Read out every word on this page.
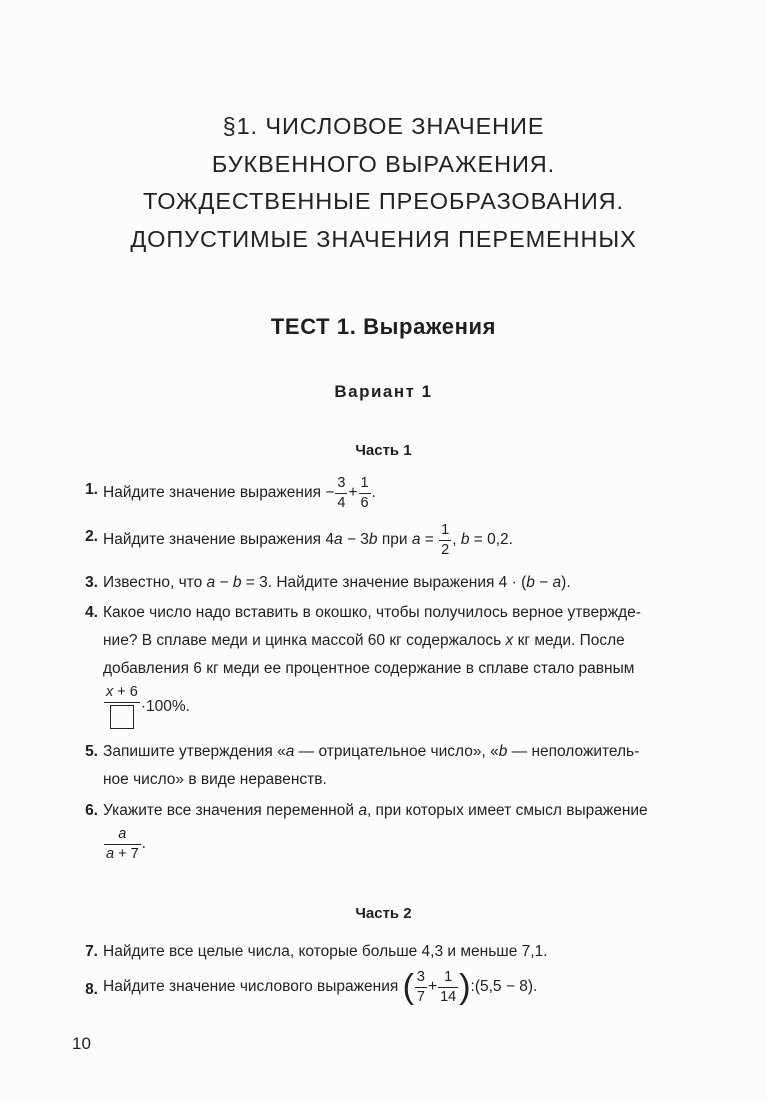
§1. ЧИСЛОВОЕ ЗНАЧЕНИЕ
БУКВЕННОГО ВЫРАЖЕНИЯ.
ТОЖДЕСТВЕННЫЕ ПРЕОБРАЗОВАНИЯ.
ДОПУСТИМЫЕ ЗНАЧЕНИЯ ПЕРЕМЕННЫХ
ТЕСТ 1. Выражения
Вариант 1
Часть 1
1. Найдите значение выражения − $\frac{3}{4} + \frac{1}{6}$ .
2. Найдите значение выражения 4a − 3b при $a = \frac{1}{2}$ , b = 0,2.
3. Известно, что a − b = 3. Найдите значение выражения 4 · (b − a).
4. Какое число надо вставить в окошко, чтобы получилось верное утвержде-
ние? В сплаве меди и цинка массой 60 кг содержалось x кг меди. После
добавления 6 кг меди ее процентное содержание в сплаве стало равным
x + 6
·100%.
5. Запишите утверждения «a — отрицательное число», «b — неположитель-
ное число» в виде неравенств.
6. Укажите все значения переменной a, при которых имеет смысл выражение
$\frac{a}{a + 7}$ .
Часть 2
7. Найдите все целые числа, которые больше 4,3 и меньше 7,1.
8. Найдите значение числового выражения ( $\frac{3}{7} + \frac{1}{14}$ ):(5,5 − 8).
10
